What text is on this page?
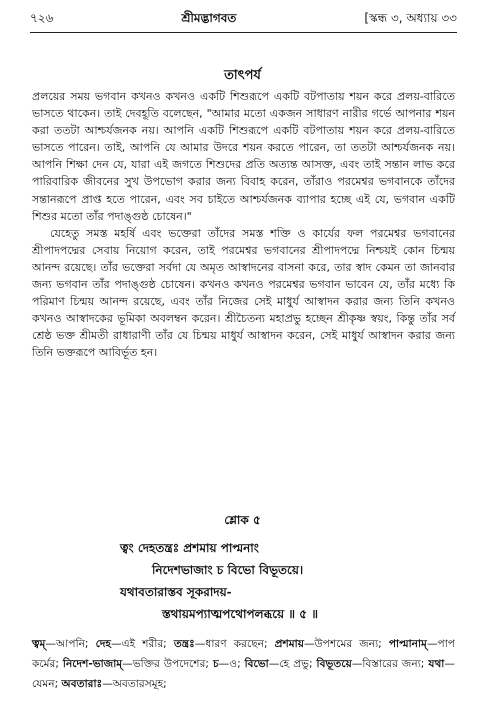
৭২৬	শ্রীমদ্ভাগবত	[স্কন্ধ ৩, অধ্যায় ৩৩
তাৎপর্য

প্রলয়ের সময় ভগবান কখনও কখনও একটি শিশুরূপে একটি বটপাতায় শয়ন করে প্রলয়-বারিতে ভাসতে থাকেন। তাই দেবহূতি বলেছেন, "আমার মতো একজন সাধারণ নারীর গর্ভে আপনার শয়ন করা ততটা আশ্চর্যজনক নয়। আপনি একটি শিশুরূপে একটি বটপাতায় শয়ন করে প্রলয়-বারিতে ভাসতে পারেন। তাই, আপনি যে আমার উদরে শয়ন করতে পারেন, তা ততটা আশ্চর্যজনক নয়। আপনি শিক্ষা দেন যে, যারা এই জগতে শিশুদের প্রতি অত্যন্ত আসক্ত, এবং তাই সন্তান লাভ করে পারিবারিক জীবনের সুখ উপভোগ করার জন্য বিবাহ করেন, তাঁরাও পরমেশ্বর ভগবানকে তাঁদের সন্তানরূপে প্রাপ্ত হতে পারেন, এবং সব চাইতে আশ্চর্যজনক ব্যাপার হচ্ছে এই যে, ভগবান একটি শিশুর মতো তাঁর পদাঙ্গুষ্ঠ চোষেন।"

যেহেতু সমস্ত মহর্ষি এবং ভক্তেরা তাঁদের সমস্ত শক্তি ও কার্যের ফল পরমেশ্বর ভগবানের শ্রীপাদপদ্মের সেবায় নিয়োগ করেন, তাই পরমেশ্বর ভগবানের শ্রীপাদপদ্মে নিশ্চয়ই কোন চিন্ময় আনন্দ রয়েছে। তাঁর ভক্তেরা সর্বদা যে অমৃত আস্বাদনের বাসনা করে, তার স্বাদ কেমন তা জানবার জন্য ভগবান তাঁর পদাঙ্গুষ্ঠ চোষেন। কখনও কখনও পরমেশ্বর ভগবান ভাবেন যে, তাঁর মধ্যে কি পরিমাণ চিন্ময় আনন্দ রয়েছে, এবং তাঁর নিজের সেই মাধুর্য আস্বাদন করার জন্য তিনি কখনও কখনও আস্বাদকের ভূমিকা অবলম্বন করেন। শ্রীচৈতন্য মহাপ্রভু হচ্ছেন শ্রীকৃষ্ণ স্বয়ং, কিন্তু তাঁর সর্ব শ্রেষ্ঠ ভক্ত শ্রীমতী রাধারাণী তাঁর যে চিন্ময় মাধুর্য আস্বাদন করেন, সেই মাধুর্য আস্বাদন করার জন্য তিনি ভক্তরূপে আবির্ভূত হন।

শ্লোক ৫
ত্বং দেহতন্ত্রঃ প্রশমায় পাপ্মনাং
নিদেশভাজাং চ বিভো বিভূতয়ে।
যথাবতারাস্তব সূকরাদয়-
স্তথায়মপ্যাত্মপথোপলব্ধয়ে ॥ ৫ ॥
ত্বম্—আপনি; দেহ—এই শরীর; তন্ত্রঃ—ধারণ করছেন; প্রশমায়—উপশমের জন্য; পাপ্মানাম্—পাপ কর্মের; নিদেশ-ভাজাম্—ভক্তির উপদেশের; চ—ও; বিভো—হে প্রভু; বিভূতয়ে—বিস্তারের জন্য; যথা—যেমন; অবতারাঃ—অবতারসমূহ;
